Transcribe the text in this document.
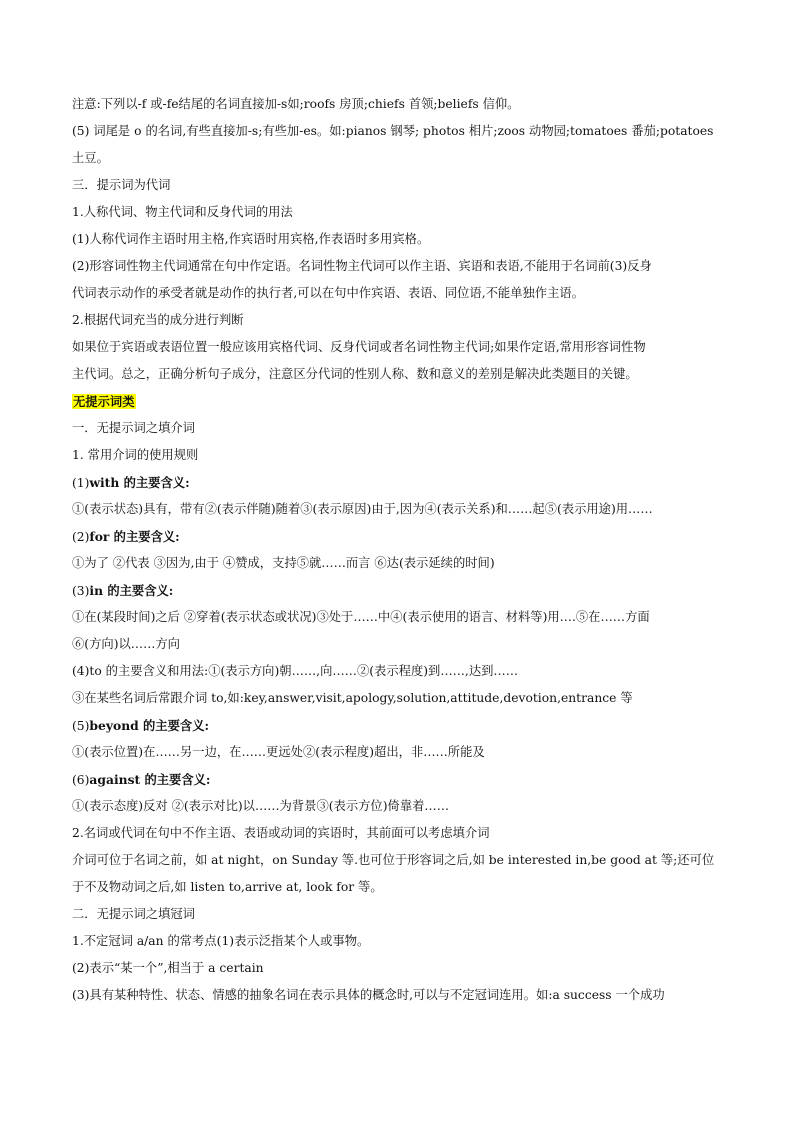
注意:下列以-f 或-fe结尾的名词直接加-s如;roofs 房顶;chiefs 首领;beliefs 信仰。
(5) 词尾是 o 的名词,有些直接加-s;有些加-es。如:pianos 钢琴; photos 相片;zoos 动物园;tomatoes 番茄;potatoes
土豆。
三．提示词为代词
1.人称代词、物主代词和反身代词的用法
(1)人称代词作主语时用主格,作宾语时用宾格,作表语时多用宾格。
(2)形容词性物主代词通常在句中作定语。名词性物主代词可以作主语、宾语和表语,不能用于名词前(3)反身
代词表示动作的承受者就是动作的执行者,可以在句中作宾语、表语、同位语,不能单独作主语。
2.根据代词充当的成分进行判断
如果位于宾语或表语位置一般应该用宾格代词、反身代词或者名词性物主代词;如果作定语,常用形容词性物
主代词。总之，正确分析句子成分，注意区分代词的性别人称、数和意义的差别是解决此类题目的关键。
无提示词类
一．无提示词之填介词
1. 常用介词的使用规则
(1)with 的主要含义:
①(表示状态)具有，带有②(表示伴随)随着③(表示原因)由于,因为④(表示关系)和……起⑤(表示用途)用……
(2)for 的主要含义:
①为了 ②代表 ③因为,由于 ④赞成，支持⑤就……而言 ⑥达(表示延续的时间)
(3)in 的主要含义:
①在(某段时间)之后 ②穿着(表示状态或状况)③处于……中④(表示使用的语言、材料等)用….⑤在……方面
⑥(方向)以……方向
(4)to 的主要含义和用法:①(表示方向)朝……,向……②(表示程度)到……,达到……
③在某些名词后常跟介词 to,如:key,answer,visit,apology,solution,attitude,devotion,entrance 等
(5)beyond 的主要含义:
①(表示位置)在……另一边，在……更远处②(表示程度)超出，非……所能及
(6)against 的主要含义:
①(表示态度)反对 ②(表示对比)以……为背景③(表示方位)倚靠着……
2.名词或代词在句中不作主语、表语或动词的宾语时，其前面可以考虑填介词
介词可位于名词之前，如 at night，on Sunday 等.也可位于形容词之后,如 be interested in,be good at 等;还可位
于不及物动词之后,如 listen to,arrive at, look for 等。
二．无提示词之填冠词
1.不定冠词 a/an 的常考点(1)表示泛指某个人或事物。
(2)表示“某一个”,相当于 a certain
(3)具有某种特性、状态、情感的抽象名词在表示具体的概念时,可以与不定冠词连用。如:a success 一个成功
